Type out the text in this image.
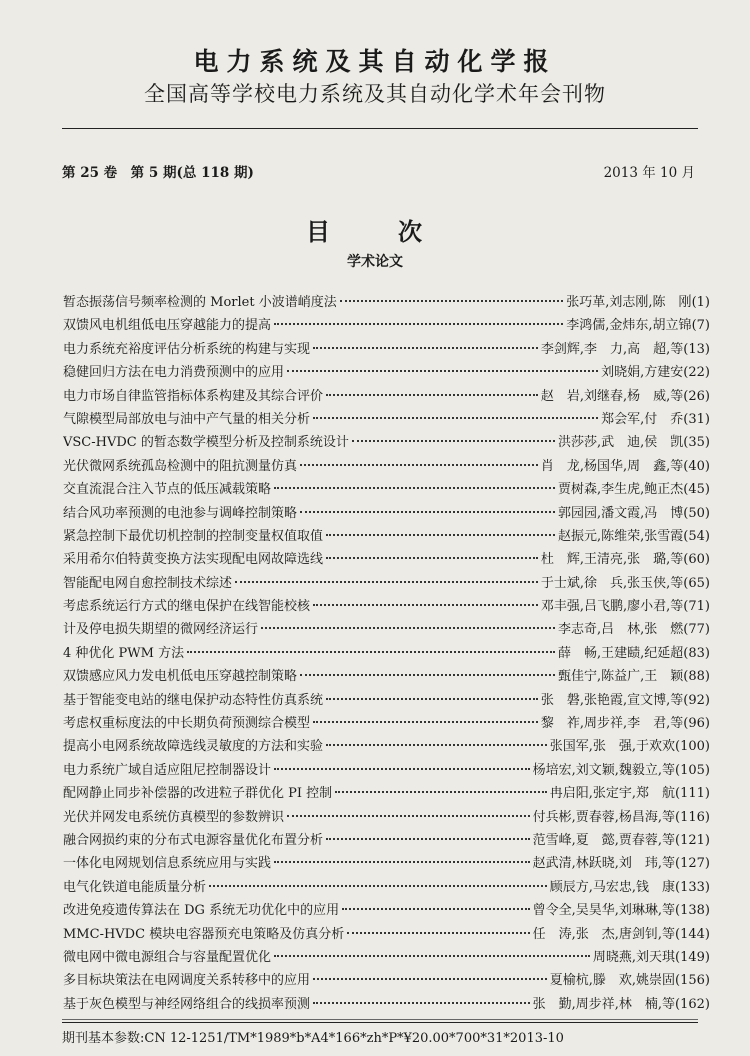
电力系统及其自动化学报
全国高等学校电力系统及其自动化学术年会刊物
第 25 卷　第 5 期(总 118 期)	2013 年 10 月
目　次
学术论文
暂态振荡信号频率检测的 Morlet 小波谱峭度法	张巧革,刘志刚,陈　刚 ( 1 )
双馈风电机组低电压穿越能力的提高	李鸿儒,金炜东,胡立锦 ( 7 )
电力系统充裕度评估分析系统的构建与实现	李剑辉,李　力,高　超,等 ( 13 )
稳健回归方法在电力消费预测中的应用	刘晓娟,方建安 ( 22 )
电力市场自律监管指标体系构建及其综合评价	赵　岩,刘继春,杨　威,等 ( 26 )
气隙模型局部放电与油中产气量的相关分析	郑会军,付　乔 ( 31 )
VSC-HVDC 的暂态数学模型分析及控制系统设计	洪莎莎,武　迪,侯　凯 ( 35 )
光伏微网系统孤岛检测中的阻抗测量仿真	肖　龙,杨国华,周　鑫,等 ( 40 )
交直流混合注入节点的低压减载策略	贾树森,李生虎,鲍正杰 ( 45 )
结合风功率预测的电池参与调峰控制策略	郭园园,潘文霞,冯　博 ( 50 )
紧急控制下最优切机控制的控制变量权值取值	赵振元,陈维荣,张雪霞 ( 54 )
采用希尔伯特黄变换方法实现配电网故障选线	杜　辉,王清亮,张　璐,等 ( 60 )
智能配电网自愈控制技术综述	于士斌,徐　兵,张玉侠,等 ( 65 )
考虑系统运行方式的继电保护在线智能校核	邓丰强,吕飞鹏,廖小君,等 ( 71 )
计及停电损失期望的微网经济运行	李志奇,吕　林,张　燃 ( 77 )
4 种优化 PWM 方法	薛　畅,王建赜,纪延超 ( 83 )
双馈感应风力发电机低电压穿越控制策略	甄佳宁,陈益广,王　颖 ( 88 )
基于智能变电站的继电保护动态特性仿真系统	张　磐,张艳霞,宣文博,等 ( 92 )
考虑权重标度法的中长期负荷预测综合模型	黎　祚,周步祥,李　君,等 ( 96 )
提高小电网系统故障选线灵敏度的方法和实验	张国军,张　强,于欢欢 ( 100 )
电力系统广域自适应阻尼控制器设计	杨培宏,刘文颖,魏毅立,等 ( 105 )
配网静止同步补偿器的改进粒子群优化 PI 控制	冉启阳,张定宇,郑　航 ( 111 )
光伏并网发电系统仿真模型的参数辨识	付兵彬,贾春蓉,杨昌海,等 ( 116 )
融合网损约束的分布式电源容量优化布置分析	范雪峰,夏　懿,贾春蓉,等 ( 121 )
一体化电网规划信息系统应用与实践	赵武清,林跃晓,刘　玮,等 ( 127 )
电气化铁道电能质量分析	顾辰方,马宏忠,钱　康 ( 133 )
改进免疫遗传算法在 DG 系统无功优化中的应用	曾令全,吴昊华,刘琳琳,等 ( 138 )
MMC-HVDC 模块电容器预充电策略及仿真分析	任　涛,张　杰,唐剑钊,等 ( 144 )
微电网中微电源组合与容量配置优化	周晓燕,刘天琪 ( 149 )
多目标块策法在电网调度关系转移中的应用	夏榆杭,滕　欢,姚崇固 ( 156 )
基于灰色模型与神经网络组合的线损率预测	张　勤,周步祥,林　楠,等 ( 162 )
期刊基本参数:CN 12-1251/TM*1989*b*A4*166*zh*P*¥20.00*700*31*2013-10
